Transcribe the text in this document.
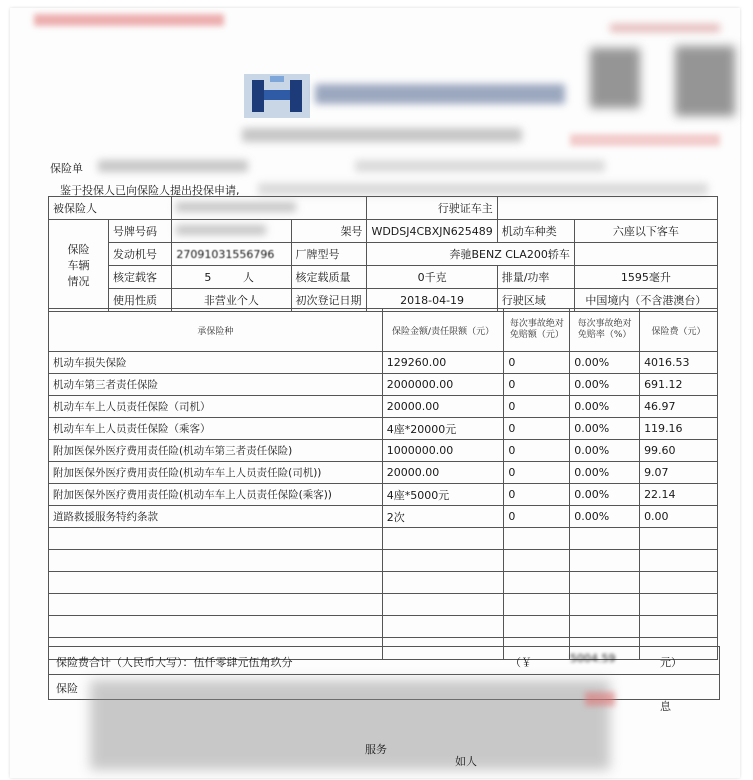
保险单
鉴于投保人已向保险人提出投保申请,
被保险人				行驶证车主		
保险
车辆
情况	号牌号码		架号	WDDSJ4CBXJN625489	机动车种类	六座以下客车
	发动机号	27091031556796	厂牌型号	奔驰BENZ CLA200轿车		
	核定载客	5 人	核定载质量	0千克	排量/功率	1595毫升
	使用性质	非营业个人	初次登记日期	2018-04-19	行驶区域	中国境内（不含港澳台）
承保险种	保险金额/责任限额（元）	每次事故绝对免赔额（元）	每次事故绝对免赔率（%）	保险费（元）
机动车损失保险	129260.00	0	0.00%	4016.53
机动车第三者责任保险	2000000.00	0	0.00%	691.12
机动车车上人员责任保险（司机）	20000.00	0	0.00%	46.97
机动车车上人员责任保险（乘客）	4座*20000元	0	0.00%	119.16
附加医保外医疗费用责任险(机动车第三者责任保险)	1000000.00	0	0.00%	99.60
附加医保外医疗费用责任险(机动车车上人员责任险(司机))	20000.00	0	0.00%	9.07
附加医保外医疗费用责任险(机动车车上人员责任保险(乘客))	4座*5000元	0	0.00%	22.14
道路救援服务特约条款	2次	0	0.00%	0.00

保险费合计（人民币大写）：伍仟零肆元伍角玖分	（￥	5004.59	元）
保险
息
服务
如人
